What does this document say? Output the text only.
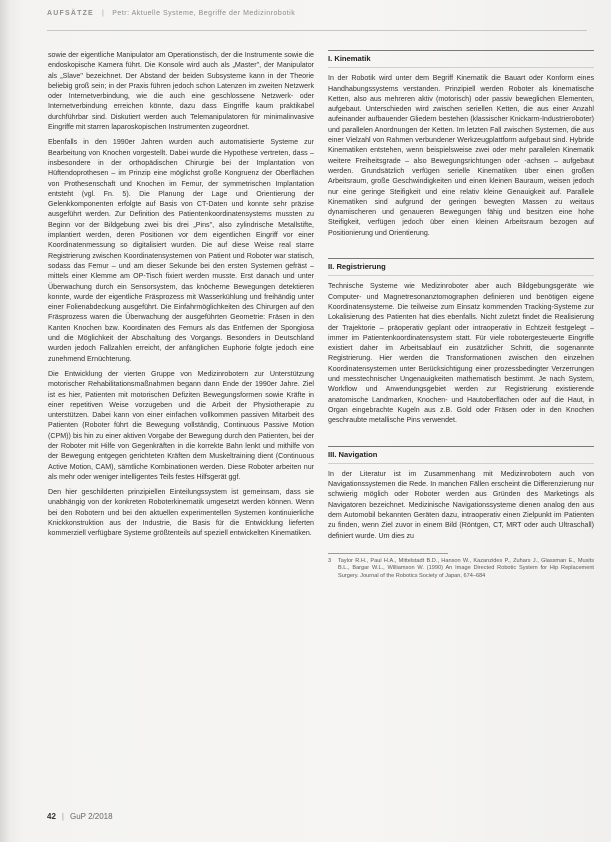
AUFSÄTZE | Petr: Aktuelle Systeme, Begriffe der Medizinrobotik

sowie der eigentliche Manipulator am Operationstisch, der die Instrumente sowie die endoskopische Kamera führt. Die Konsole wird auch als „Master", der Manipulator als „Slave" bezeichnet. Der Abstand der beiden Subsysteme kann in der Theorie beliebig groß sein; in der Praxis führen jedoch schon Latenzen im zweiten Netzwerk oder Internetverbindung, wie die auch eine geschlossene Netzwerk- oder Internetverbindung erreichen könnte, dazu dass Eingriffe kaum praktikabel durchführbar sind. Diskutiert werden auch Telemanipulatoren für minimalinvasive Eingriffe mit starren laparoskopischen Instrumenten zugeordnet.

Ebenfalls in den 1990er Jahren wurden auch automatisierte Systeme zur Bearbeitung von Knochen vorgestellt. Dabei wurde die Hypothese vertreten, dass – insbesondere in der orthopädischen Chirurgie bei der Implantation von Hüftendoprothesen – im Prinzip eine möglichst große Kongruenz der Oberflächen von Prothesenschaft und Knochen im Femur, der symmetrischen Implantation entsteht (vgl. Fn. 5). Die Planung der Lage und Orientierung der Gelenkkomponenten erfolgte auf Basis von CT-Daten und konnte sehr präzise ausgeführt werden. Zur Definition des Patientenkoordinatensystems mussten zu Beginn vor der Bildgebung zwei bis drei „Pins", also zylindrische Metallstifte, implantiert werden, deren Positionen vor dem eigentlichen Eingriff vor einer Koordinatenmessung so digitalisiert wurden. Die auf diese Weise real starre Registrierung zwischen Koordinatensystemen von Patient und Roboter war statisch, sodass das Femur – und am dieser Sekunde bei den ersten Systemen gefräst – mittels einer Klemme am OP-Tisch fixiert werden musste. Erst danach und unter Überwachung durch ein Sensorsystem, das knöcherne Bewegungen detektieren konnte, wurde der eigentliche Fräsprozess mit Wasserkühlung und freihändig unter einer Folienabdeckung ausgeführt. Die Einfahrmöglichkeiten des Chirurgen auf den Fräsprozess waren die Überwachung der ausgeführten Geometrie: Fräsen in den Kanten Knochen bzw. Koordinaten des Femurs als das Entfernen der Spongiosa und die Möglichkeit der Abschaltung des Vorgangs. Besonders in Deutschland wurden jedoch Fallzahlen erreicht, der anfänglichen Euphorie folgte jedoch eine zunehmend Ernüchterung.

Die Entwicklung der vierten Gruppe von Medizinrobotern zur Unterstützung motorischer Rehabilitationsmaßnahmen begann dann Ende der 1990er Jahre. Ziel ist es hier, Patienten mit motorischen Defiziten Bewegungsformen sowie Kräfte in einer repetitiven Weise vorzugeben und die Arbeit der Physiotherapie zu unterstützen. Dabei kann von einer einfachen vollkommen passiven Mitarbeit des Patienten (Roboter führt die Bewegung vollständig, Continuous Passive Motion (CPM)) bis hin zu einer aktiven Vorgabe der Bewegung durch den Patienten, bei der der Roboter mit Hilfe von Gegenkräften in die korrekte Bahn lenkt und mithilfe von der Bewegung entgegen gerichteten Kräften dem Muskeltraining dient (Continuous Active Motion, CAM), sämtliche Kombinationen werden. Diese Roboter arbeiten nur als mehr oder weniger intelligentes Teils festes Hilfsgerät ggf.

Den hier geschilderten prinzipiellen Einteilungssystem ist gemeinsam, dass sie unabhängig von der konkreten Roboterkinematik umgesetzt werden können. Wenn bei den Robotern und bei den aktuellen experimentellen Systemen kontinuierliche Knickkonstruktion aus der Industrie, die Basis für die Entwicklung lieferten kommerziell verfügbare Systeme größtenteils auf speziell entwickelten Kinematiken.

I. Kinematik

In der Robotik wird unter dem Begriff Kinematik die Bauart oder Konform eines Handhabungssystems verstanden. Prinzipiell werden Roboter als kinematische Ketten, also aus mehreren aktiv (motorisch) oder passiv beweglichen Elementen, aufgebaut. Unterschieden wird zwischen seriellen Ketten, die aus einer Anzahl aufeinander aufbauender Gliedern bestehen (klassischer Knickarm-Industrieroboter) und parallelen Anordnungen der Ketten. Im letzten Fall zwischen Systemen, die aus einer Vielzahl von Rahmen verbundener Werkzeugplattform aufgebaut sind. Hybride Kinematiken entstehen, wenn beispielsweise zwei oder mehr parallelen Kinematik weitere Freiheitsgrade – also Bewegungsrichtungen oder -achsen – aufgebaut werden. Grundsätzlich verfügen serielle Kinematiken über einen großen Arbeitsraum, große Geschwindigkeiten und einen kleinen Bauraum, weisen jedoch nur eine geringe Steifigkeit und eine relativ kleine Genauigkeit auf. Parallele Kinematiken sind aufgrund der geringen bewegten Massen zu weitaus dynamischeren und genaueren Bewegungen fähig und besitzen eine hohe Steifigkeit, verfügen jedoch über einen kleinen Arbeitsraum bezogen auf Positionierung und Orientierung.

II. Registrierung

Technische Systeme wie Medizinroboter aber auch Bildgebungsgeräte wie Computer- und Magnetresonanztomographen definieren und benötigen eigene Koordinatensysteme. Die teilweise zum Einsatz kommenden Tracking-Systeme zur Lokalisierung des Patienten hat dies ebenfalls. Nicht zuletzt findet die Realisierung der Trajektorie – präoperativ geplant oder intraoperativ in Echtzeit festgelegt – immer im Patientenkoordinatensystem statt. Für viele robotergesteuerte Eingriffe existiert daher im Arbeitsablauf ein zusätzlicher Schritt, die sogenannte Registrierung. Hier werden die Transformationen zwischen den einzelnen Koordinatensystemen unter Berücksichtigung einer prozessbedingter Verzerrungen und messtechnischer Ungenauigkeiten mathematisch bestimmt. Je nach System, Workflow und Anwendungsgebiet werden zur Registrierung existierende anatomische Landmarken, Knochen- und Hautoberflächen oder auf die Haut, in Organ eingebrachte Kugeln aus z.B. Gold oder Fräsen oder in den Knochen geschraubte metallische Pins verwendet.

III. Navigation

In der Literatur ist im Zusammenhang mit Medizinrobotern auch von Navigationssystemen die Rede. In manchen Fällen erscheint die Differenzierung nur schwierig möglich oder Roboter werden aus Gründen des Marketings als Navigatoren bezeichnet. Medizinische Navigationssysteme dienen analog den aus dem Automobil bekannten Geräten dazu, intraoperativ einen Zielpunkt im Patienten zu finden, wenn Ziel zuvor in einem Bild (Röntgen, CT, MRT oder auch Ultraschall) definiert wurde. Um dies zu

3	Taylor R.H., Paul H.A., Mittelstadt B.D., Hanson W., Kazanzides P., Zuhars J., Glassman E., Musits B.L., Bargar W.L., Williamson W. (1990) An Image Directed Robotic System for Hip Replacement Surgery. Journal of the Robotics Society of Japan, 674–684
42 | GuP 2/2018
